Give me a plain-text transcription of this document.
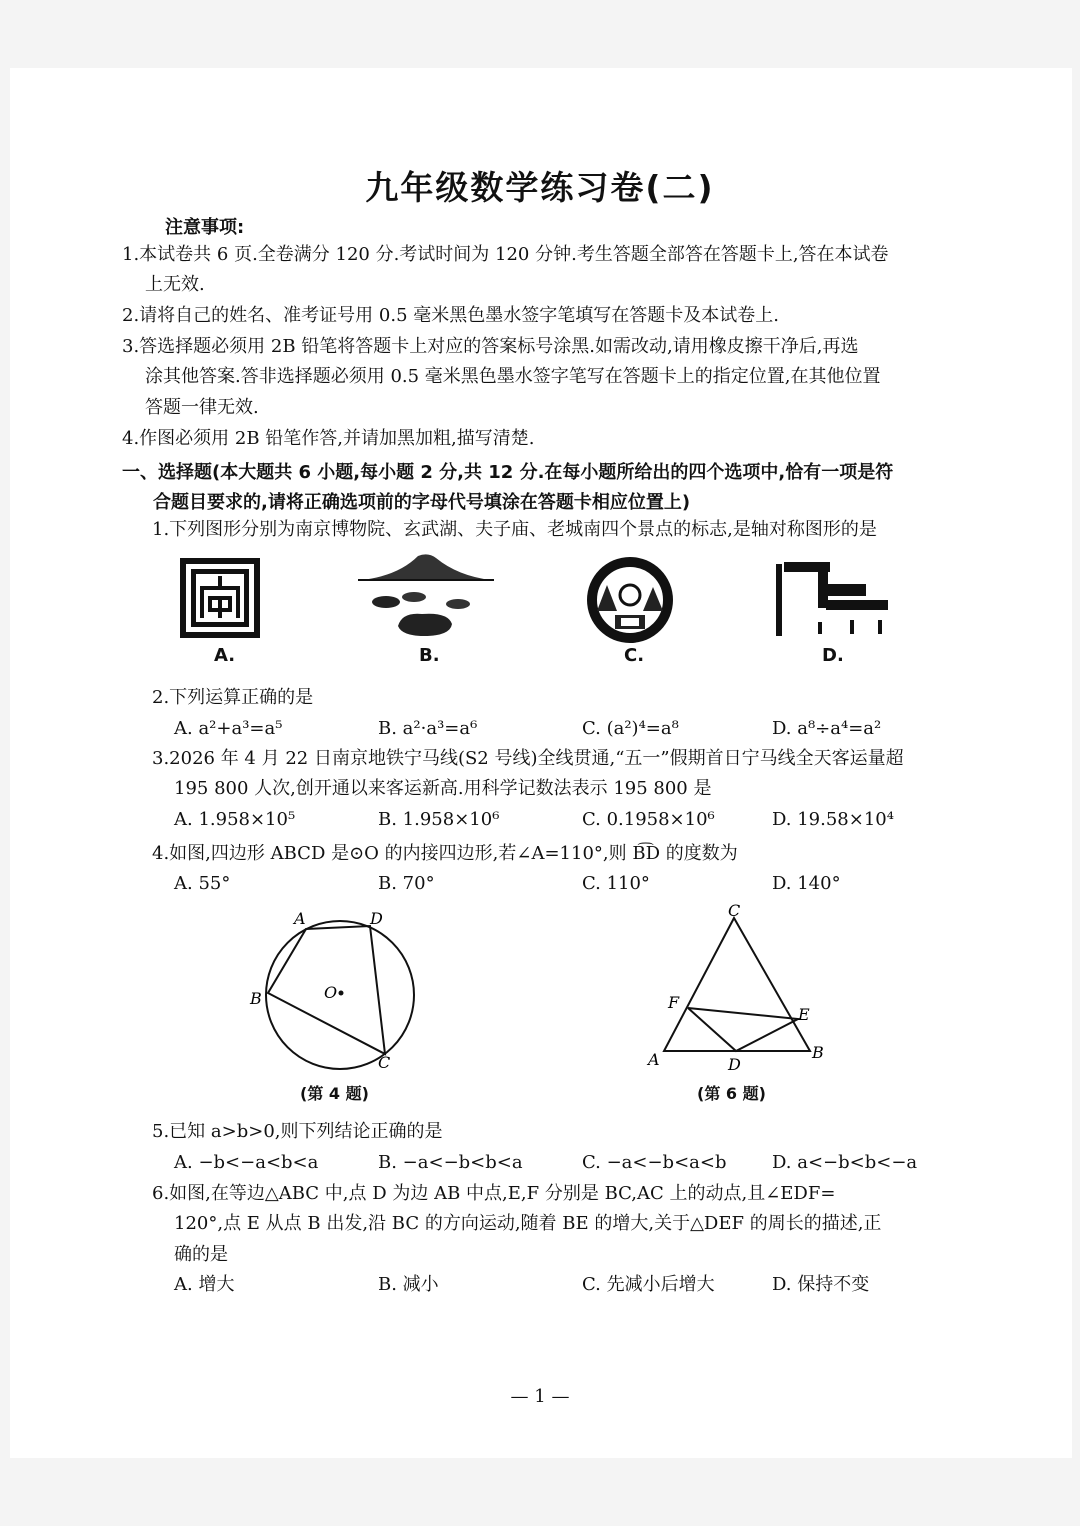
九年级数学练习卷(二)
注意事项:
1.本试卷共 6 页.全卷满分 120 分.考试时间为 120 分钟.考生答题全部答在答题卡上,答在本试卷
上无效.
2.请将自己的姓名、准考证号用 0.5 毫米黑色墨水签字笔填写在答题卡及本试卷上.
3.答选择题必须用 2B 铅笔将答题卡上对应的答案标号涂黑.如需改动,请用橡皮擦干净后,再选
涂其他答案.答非选择题必须用 0.5 毫米黑色墨水签字笔写在答题卡上的指定位置,在其他位置
答题一律无效.
4.作图必须用 2B 铅笔作答,并请加黑加粗,描写清楚.
一、选择题(本大题共 6 小题,每小题 2 分,共 12 分.在每小题所给出的四个选项中,恰有一项是符
合题目要求的,请将正确选项前的字母代号填涂在答题卡相应位置上)
1.下列图形分别为南京博物院、玄武湖、夫子庙、老城南四个景点的标志,是轴对称图形的是
A.	B.	C.	D.
2.下列运算正确的是
A. a²+a³=a⁵	B. a²·a³=a⁶	C. (a²)⁴=a⁸	D. a⁸÷a⁴=a²
3.2026 年 4 月 22 日南京地铁宁马线(S2 号线)全线贯通,“五一”假期首日宁马线全天客运量超
195 800 人次,创开通以来客运新高.用科学记数法表示 195 800 是
A. 1.958×10⁵	B. 1.958×10⁶	C. 0.1958×10⁶	D. 19.58×10⁴
4.如图,四边形 ABCD 是⊙O 的内接四边形,若∠A=110°,则 B͡D 的度数为
A. 55°	B. 70°	C. 110°	D. 140°
A	D
B
C
O
(第 4 题)
C
F
E
A	D
B
(第 6 题)
5.已知 a>b>0,则下列结论正确的是
A. −b<−a<b<a	B. −a<−b<b<a	C. −a<−b<a<b	D. a<−b<b<−a
6.如图,在等边△ABC 中,点 D 为边 AB 中点,E,F 分别是 BC,AC 上的动点,且∠EDF=
120°,点 E 从点 B 出发,沿 BC 的方向运动,随着 BE 的增大,关于△DEF 的周长的描述,正
确的是
A. 增大	B. 减小	C. 先减小后增大	D. 保持不变
— 1 —
